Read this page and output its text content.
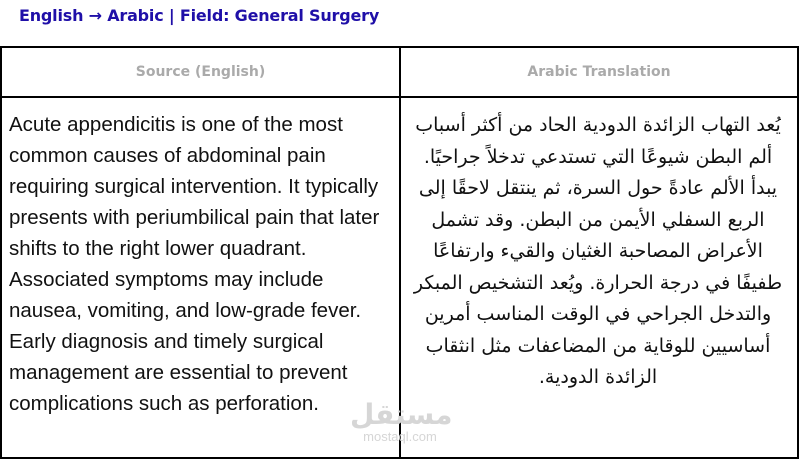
English → Arabic | Field: General Surgery
Source (English)	Arabic Translation
Acute appendicitis is one of the most common causes of abdominal pain requiring surgical intervention. It typically presents with periumbilical pain that later shifts to the right lower quadrant. Associated symptoms may include nausea, vomiting, and low-grade fever. Early diagnosis and timely surgical management are essential to prevent complications such as perforation.
يُعد التهاب الزائدة الدودية الحاد من أكثر أسباب ألم البطن شيوعًا التي تستدعي تدخلاً جراحيًا. يبدأ الألم عادةً حول السرة، ثم ينتقل لاحقًا إلى الربع السفلي الأيمن من البطن. وقد تشمل الأعراض المصاحبة الغثيان والقيء وارتفاعًا طفيفًا في درجة الحرارة. ويُعد التشخيص المبكر والتدخل الجراحي في الوقت المناسب أمرين أساسيين للوقاية من المضاعفات مثل انثقاب الزائدة الدودية.
مستقل
mostaql.com
